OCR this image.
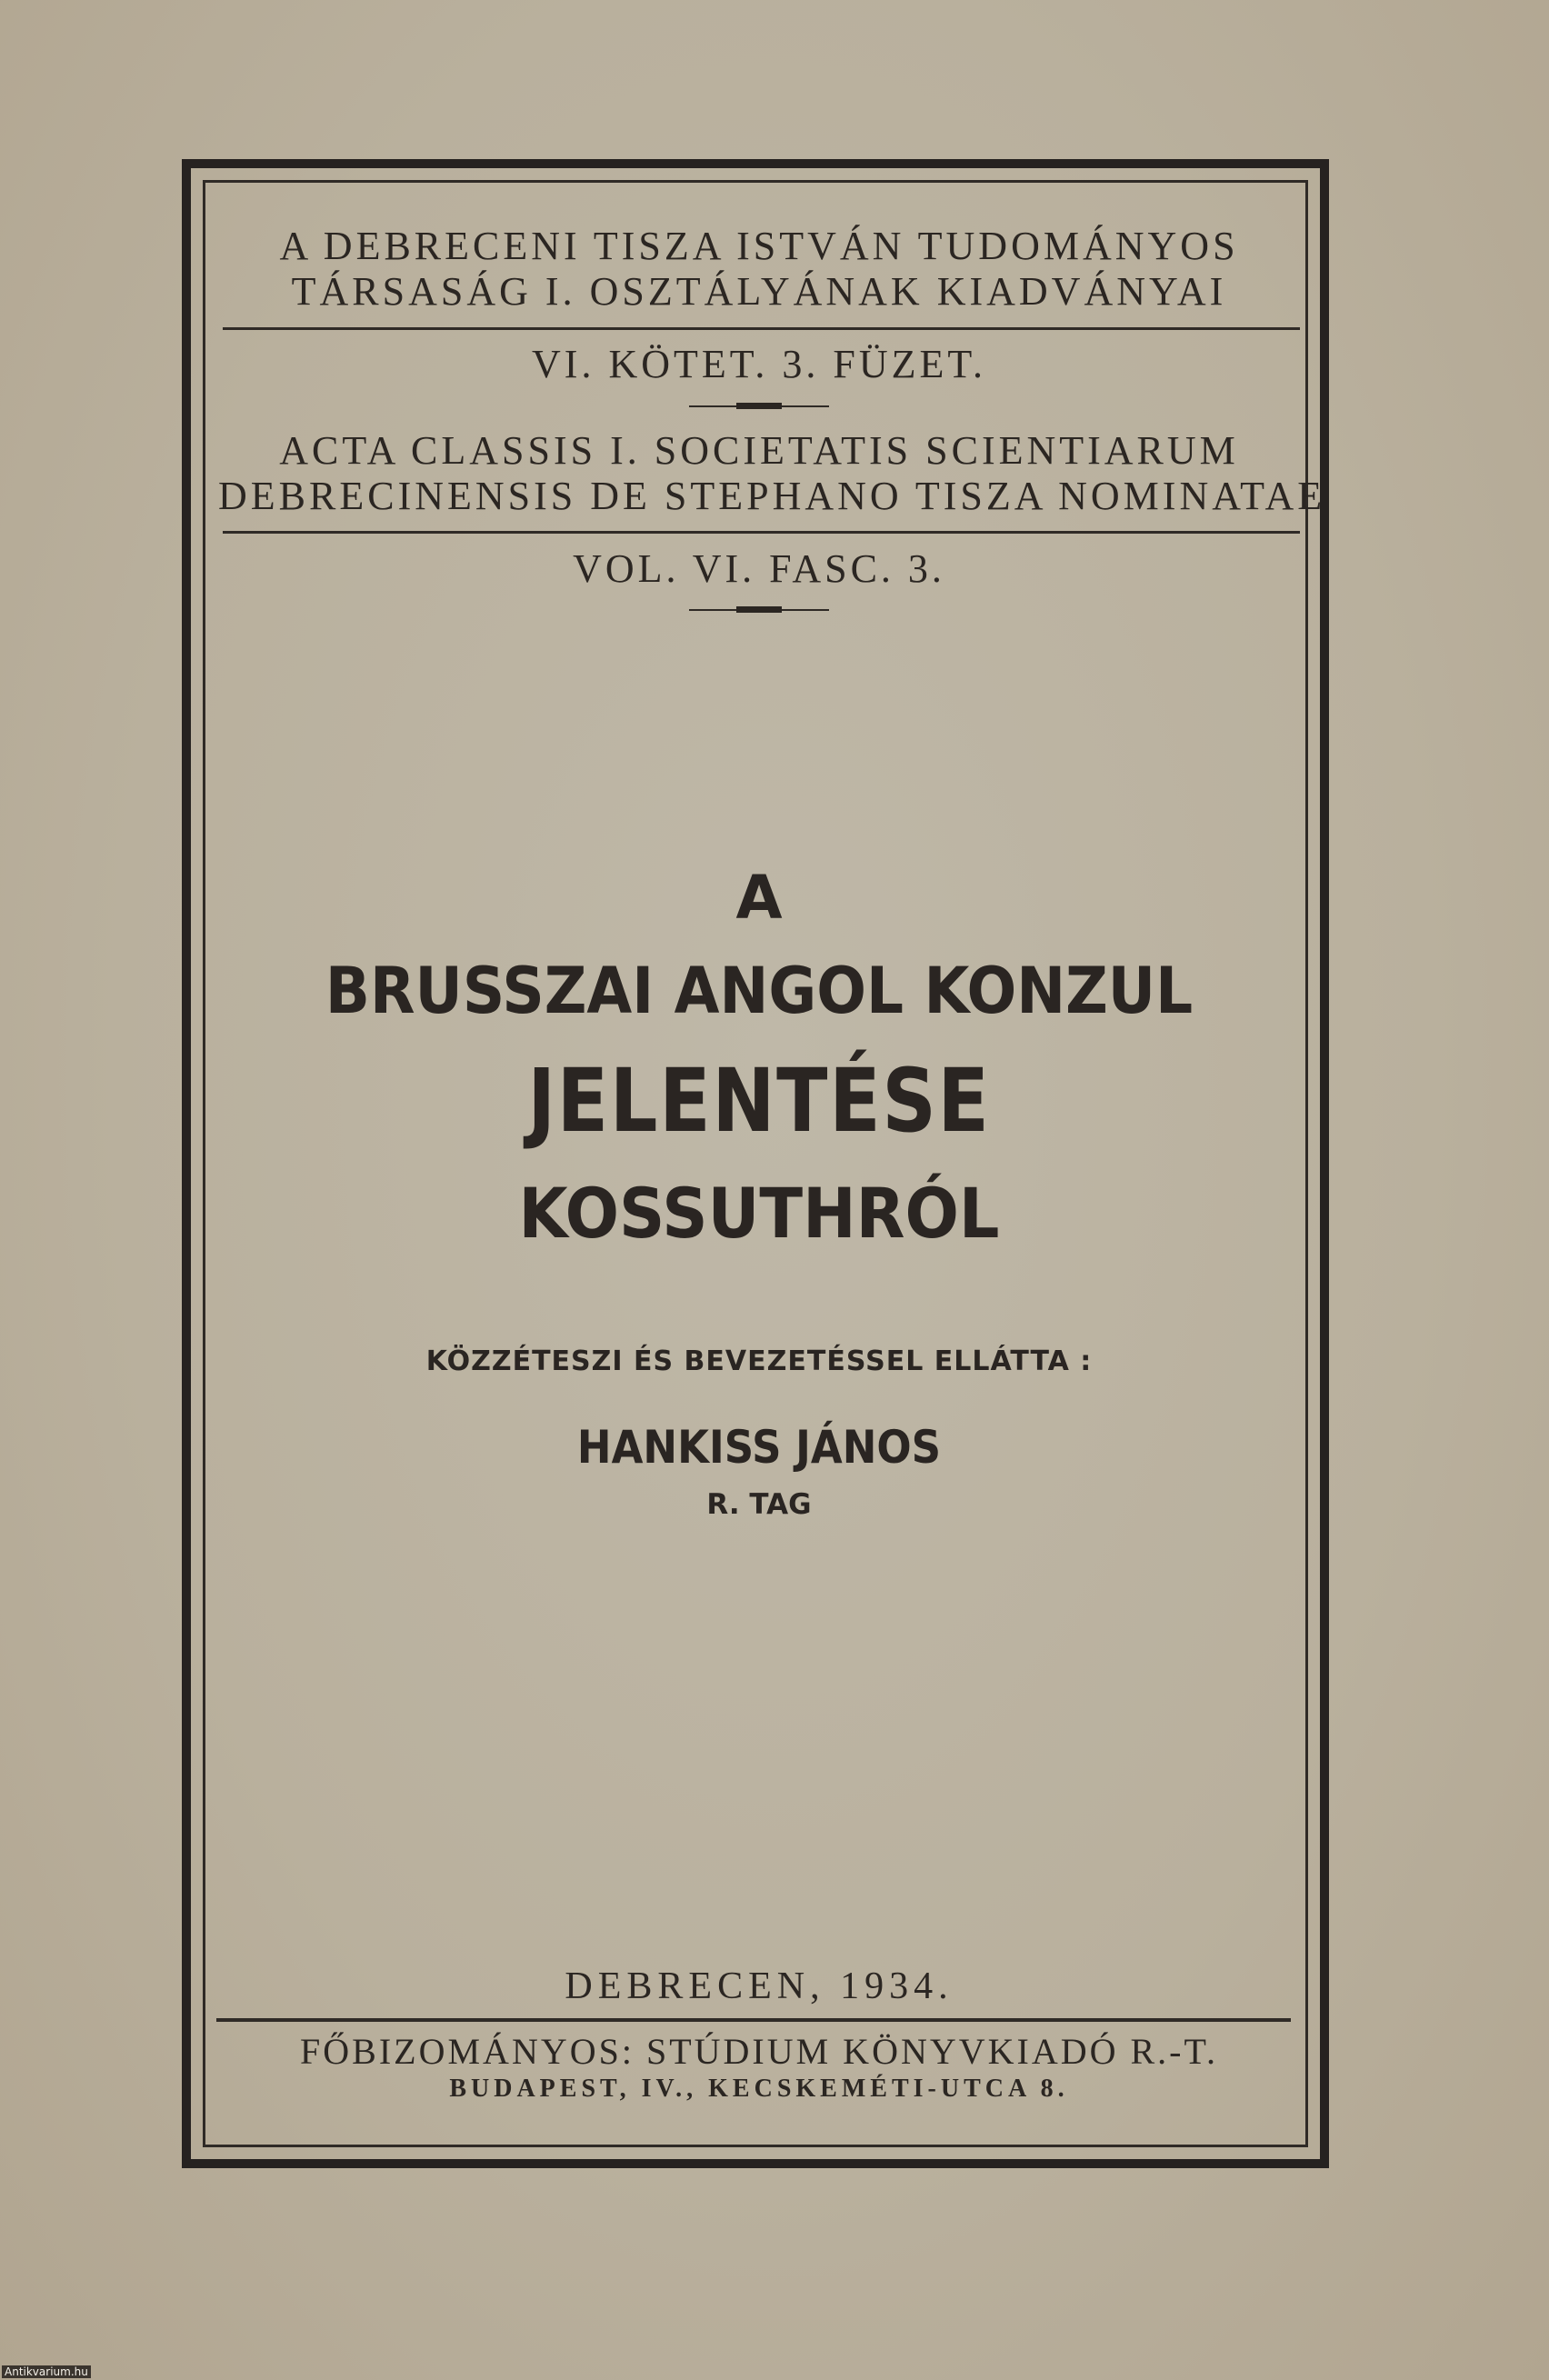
A DEBRECENI TISZA ISTVÁN TUDOMÁNYOS

TÁRSASÁG I. OSZTÁLYÁNAK KIADVÁNYAI

VI. KÖTET. 3. FÜZET.

ACTA CLASSIS I. SOCIETATIS SCIENTIARUM

DEBRECINENSIS DE STEPHANO TISZA NOMINATAE

VOL. VI. FASC. 3.

A

BRUSSZAI ANGOL KONZUL

JELENTÉSE

KOSSUTHRÓL

KÖZZÉTESZI ÉS BEVEZETÉSSEL ELLÁTTA :

HANKISS JÁNOS

R. TAG

DEBRECEN, 1934.

FŐBIZOMÁNYOS: STÚDIUM KÖNYVKIADÓ R.-T.

BUDAPEST, IV., KECSKEMÉTI-UTCA 8.

Antikvarium.hu
